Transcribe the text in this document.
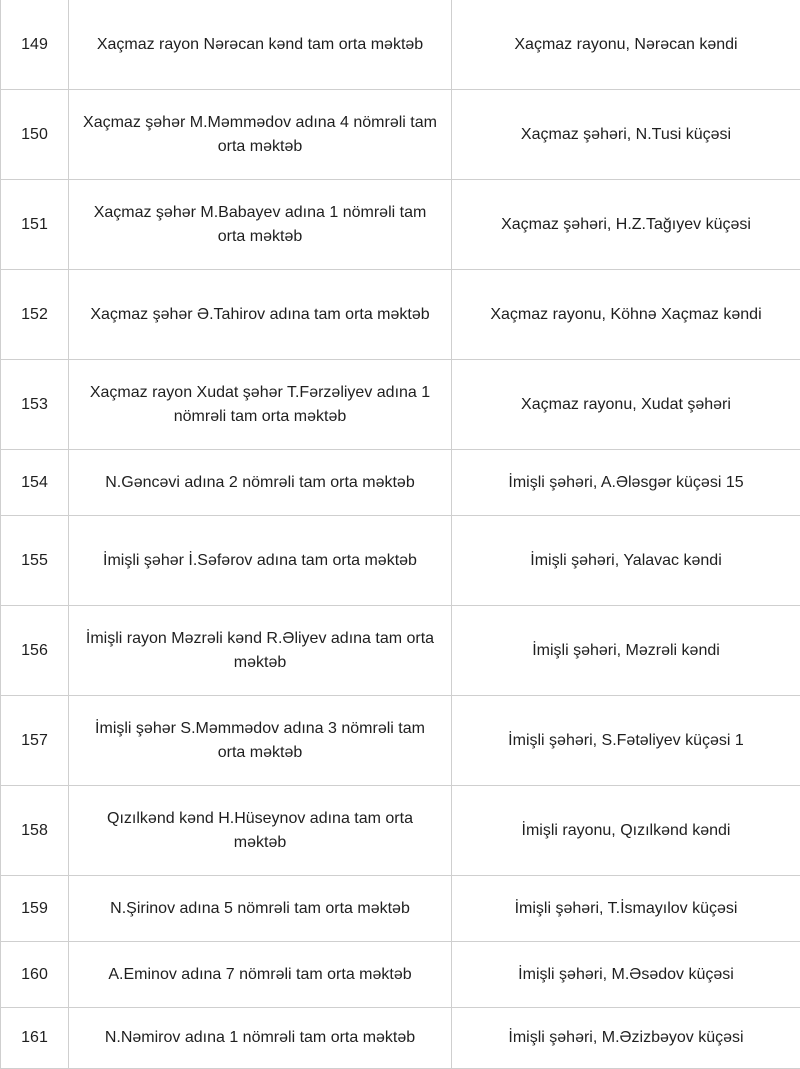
149	Xaçmaz rayon Nərəcan kənd tam orta məktəb	Xaçmaz rayonu, Nərəcan kəndi
150	Xaçmaz şəhər M.Məmmədov adına 4 nömrəli tam orta məktəb	Xaçmaz şəhəri, N.Tusi küçəsi
151	Xaçmaz şəhər M.Babayev adına 1 nömrəli tam orta məktəb	Xaçmaz şəhəri, H.Z.Tağıyev küçəsi
152	Xaçmaz şəhər Ə.Tahirov adına tam orta məktəb	Xaçmaz rayonu, Köhnə Xaçmaz kəndi
153	Xaçmaz rayon Xudat şəhər T.Fərzəliyev adına 1 nömrəli tam orta məktəb	Xaçmaz rayonu, Xudat şəhəri
154	N.Gəncəvi adına 2 nömrəli tam orta məktəb	İmişli şəhəri, A.Ələsgər küçəsi 15
155	İmişli şəhər İ.Səfərov adına tam orta məktəb	İmişli şəhəri, Yalavac kəndi
156	İmişli rayon Məzrəli kənd R.Əliyev adına tam orta məktəb	İmişli şəhəri, Məzrəli kəndi
157	İmişli şəhər S.Məmmədov adına 3 nömrəli tam orta məktəb	İmişli şəhəri, S.Fətəliyev küçəsi 1
158	Qızılkənd kənd H.Hüseynov adına tam orta məktəb	İmişli rayonu, Qızılkənd kəndi
159	N.Şirinov adına 5 nömrəli tam orta məktəb	İmişli şəhəri, T.İsmayılov küçəsi
160	A.Eminov adına 7 nömrəli tam orta məktəb	İmişli şəhəri, M.Əsədov küçəsi
161	N.Nəmirov adına 1 nömrəli tam orta məktəb	İmişli şəhəri, M.Əzizbəyov küçəsi
